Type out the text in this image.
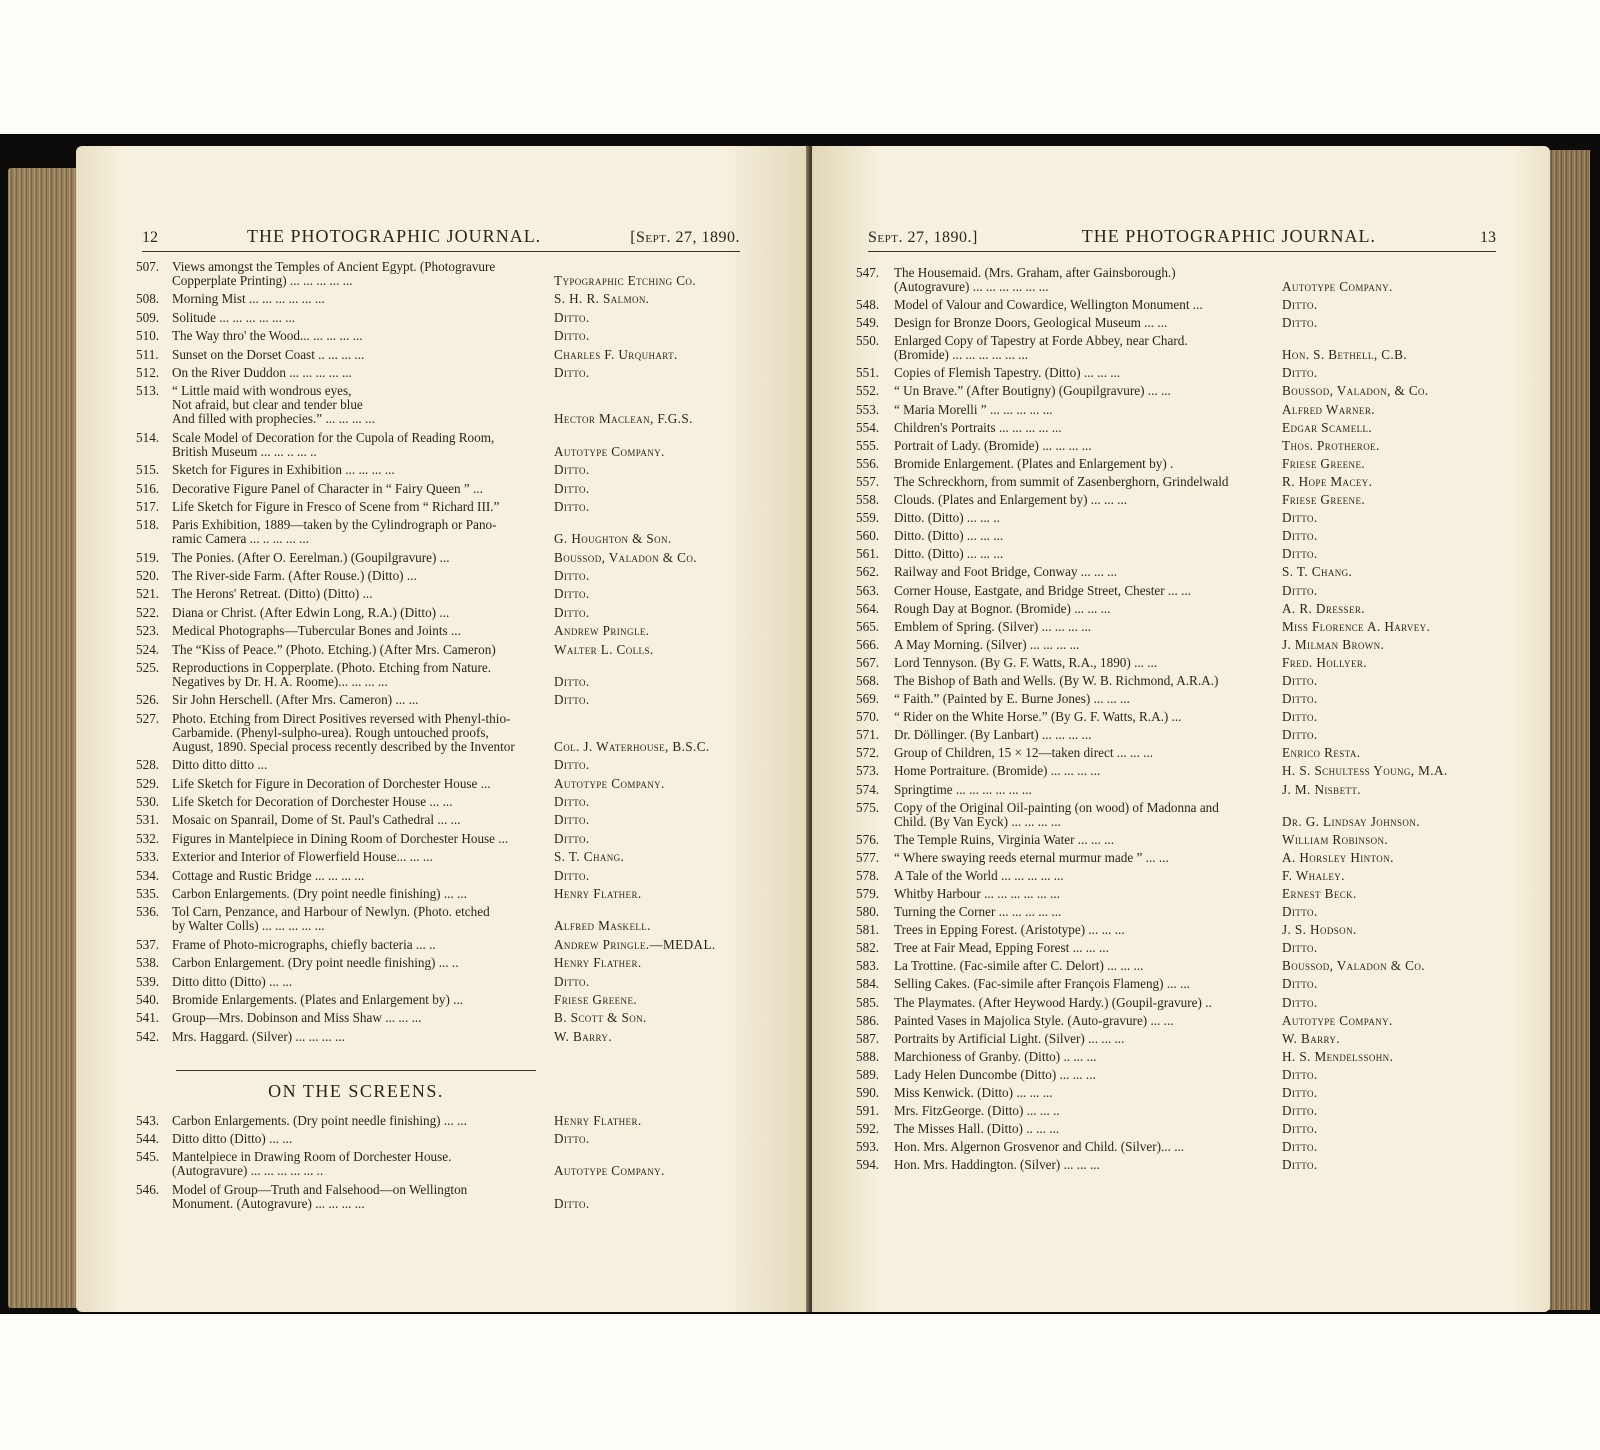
12	THE PHOTOGRAPHIC JOURNAL.	[Sept. 27, 1890.
507. Views amongst the Temples of Ancient Egypt. (Photogravure
Copperplate Printing) ... ... ... ... ...	Typographic Etching Co.
508. Morning Mist ... ... ... ... ... ...	S. H. R. Salmon.
509. Solitude ... ... ... ... ... ...	Ditto.
510. The Way thro' the Wood... ... ... ... ...	Ditto.
511.	Sunset on the Dorset Coast .. ... ... ...	Charles F. Urquhart.
512. On the River Duddon ... ... ... ... ...	Ditto.
513. “ Little maid with wondrous eyes,
Not afraid, but clear and tender blue
And filled with prophecies.” ... ... ... ...	Hector Maclean, F.G.S.
514. Scale Model of Decoration for the Cupola of Reading Room,
British Museum ... ... .. ... ..	Autotype Company.
515. Sketch for Figures in Exhibition ... ... ... ...	Ditto.
516. Decorative Figure Panel of Character in “ Fairy Queen ” ...	Ditto.
517. Life Sketch for Figure in Fresco of Scene from “ Richard III.”	Ditto.
518. Paris Exhibition, 1889—taken by the Cylindrograph or Pano-
ramic Camera ... .. ... ... ...	G. Houghton & Son.
519. The Ponies. (After O. Eerelman.) (Goupilgravure) ...	Boussod, Valadon & Co.
520. The River-side Farm. (After Rouse.) (Ditto) ...	Ditto.
521. The Herons' Retreat. (Ditto) (Ditto) ...	Ditto.
522. Diana or Christ. (After Edwin Long, R.A.) (Ditto) ...	Ditto.
523. Medical Photographs—Tubercular Bones and Joints ...	Andrew Pringle.
524. The “Kiss of Peace.” (Photo. Etching.) (After Mrs. Cameron)	Walter L. Colls.
525. Reproductions in Copperplate. (Photo. Etching from Nature.
Negatives by Dr. H. A. Roome)... ... ... ...	Ditto.
526. Sir John Herschell. (After Mrs. Cameron) ... ...	Ditto.
527. Photo. Etching from Direct Positives reversed with Phenyl-thio-
Carbamide. (Phenyl-sulpho-urea). Rough untouched proofs,
August, 1890. Special process recently described by the Inventor	Col. J. Waterhouse, B.S.C.
528. Ditto ditto ditto ...	Ditto.
529. Life Sketch for Figure in Decoration of Dorchester House ...	Autotype Company.
530. Life Sketch for Decoration of Dorchester House ... ...	Ditto.
531. Mosaic on Spanrail, Dome of St. Paul's Cathedral ... ...	Ditto.
532. Figures in Mantelpiece in Dining Room of Dorchester House ...	Ditto.
533. Exterior and Interior of Flowerfield House... ... ...	S. T. Chang.
534. Cottage and Rustic Bridge ... ... ... ...	Ditto.
535. Carbon Enlargements. (Dry point needle finishing) ... ...	Henry Flather.
536. Tol Carn, Penzance, and Harbour of Newlyn. (Photo. etched
by Walter Colls) ... ... ... ... ...	Alfred Maskell.
537. Frame of Photo-micrographs, chiefly bacteria ... ..	Andrew Pringle.—MEDAL.
538. Carbon Enlargement. (Dry point needle finishing) ... ..	Henry Flather.
539. Ditto ditto (Ditto) ... ...	Ditto.
540. Bromide Enlargements. (Plates and Enlargement by) ...	Friese Greene.
541. Group—Mrs. Dobinson and Miss Shaw ... ... ...	B. Scott & Son.
542. Mrs. Haggard. (Silver) ... ... ... ...	W. Barry.
ON THE SCREENS.
543. Carbon Enlargements. (Dry point needle finishing) ... ...	Henry Flather.
544. Ditto ditto (Ditto) ... ...	Ditto.
545. Mantelpiece in Drawing Room of Dorchester House.
(Autogravure) ... ... ... ... ... ..	Autotype Company.
546. Model of Group—Truth and Falsehood—on Wellington
Monument. (Autogravure) ... ... ... ...	Ditto.
Sept. 27, 1890.]	THE PHOTOGRAPHIC JOURNAL.	13
547.	The Housemaid. (Mrs. Graham, after Gainsborough.)
(Autogravure) ... ... ... ... ... ...	Autotype Company.
548.	Model of Valour and Cowardice, Wellington Monument ...	Ditto.
549.	Design for Bronze Doors, Geological Museum ... ...	Ditto.
550.	Enlarged Copy of Tapestry at Forde Abbey, near Chard.
(Bromide) ... ... ... ... ... ...	Hon. S. Bethell, C.B.
551.	Copies of Flemish Tapestry. (Ditto) ... ... ...	Ditto.
552.	“ Un Brave.” (After Boutigny) (Goupilgravure) ... ...	Boussod, Valadon, & Co.
553.	“ Maria Morelli ” ... ... ... ... ...	Alfred Warner.
554.	Children's Portraits ... ... ... ... ...	Edgar Scamell.
555.	Portrait of Lady. (Bromide) ... ... ... ...	Thos. Protheroe.
556.	Bromide Enlargement. (Plates and Enlargement by) .	Friese Greene.
557.	The Schreckhorn, from summit of Zasenberghorn, Grindelwald	R. Hope Macey.
558.	Clouds. (Plates and Enlargement by) ... ... ...	Friese Greene.
559.	Ditto. (Ditto) ... ... ..	Ditto.
560.	Ditto. (Ditto) ... ... ...	Ditto.
561.	Ditto. (Ditto) ... ... ...	Ditto.
562.	Railway and Foot Bridge, Conway ... ... ...	S. T. Chang.
563.	Corner House, Eastgate, and Bridge Street, Chester ... ...	Ditto.
564.	Rough Day at Bognor. (Bromide) ... ... ...	A. R. Dresser.
565.	Emblem of Spring. (Silver) ... ... ... ...	Miss Florence A. Harvey.
566.	A May Morning. (Silver) ... ... ... ...	J. Milman Brown.
567.	Lord Tennyson. (By G. F. Watts, R.A., 1890) ... ...	Fred. Hollyer.
568.	The Bishop of Bath and Wells. (By W. B. Richmond, A.R.A.)	Ditto.
569.	“ Faith.” (Painted by E. Burne Jones) ... ... ...	Ditto.
570.	“ Rider on the White Horse.” (By G. F. Watts, R.A.) ...	Ditto.
571.	Dr. Döllinger. (By Lanbart) ... ... ... ...	Ditto.
572.	Group of Children, 15 × 12—taken direct ... ... ...	Enrico Resta.
573.	Home Portraiture. (Bromide) ... ... ... ...	H. S. Schultess Young, M.A.
574.	Springtime ... ... ... ... ... ...	J. M. Nisbett.
575.	Copy of the Original Oil-painting (on wood) of Madonna and
Child. (By Van Eyck) ... ... ... ...	Dr. G. Lindsay Johnson.
576.	The Temple Ruins, Virginia Water ... ... ...	William Robinson.
577.	“ Where swaying reeds eternal murmur made ” ... ...	A. Horsley Hinton.
578.	A Tale of the World ... ... ... ... ...	F. Whaley.
579.	Whitby Harbour ... ... ... ... ... ...	Ernest Beck.
580.	Turning the Corner ... ... ... ... ...	Ditto.
581.	Trees in Epping Forest. (Aristotype) ... ... ...	J. S. Hodson.
582.	Tree at Fair Mead, Epping Forest ... ... ...	Ditto.
583.	La Trottine. (Fac-simile after C. Delort) ... ... ...	Boussod, Valadon & Co.
584.	Selling Cakes. (Fac-simile after François Flameng) ... ...	Ditto.
585.	The Playmates. (After Heywood Hardy.) (Goupil-gravure) ..	Ditto.
586.	Painted Vases in Majolica Style. (Auto-gravure) ... ...	Autotype Company.
587.	Portraits by Artificial Light. (Silver) ... ... ...	W. Barry.
588.	Marchioness of Granby. (Ditto) .. ... ...	H. S. Mendelssohn.
589.	Lady Helen Duncombe (Ditto) ... ... ...	Ditto.
590.	Miss Kenwick. (Ditto) ... ... ...	Ditto.
591.	Mrs. FitzGeorge. (Ditto) ... ... ..	Ditto.
592.	The Misses Hall. (Ditto) .. ... ...	Ditto.
593.	Hon. Mrs. Algernon Grosvenor and Child. (Silver)... ...	Ditto.
594.	Hon. Mrs. Haddington. (Silver) ... ... ...	Ditto.
